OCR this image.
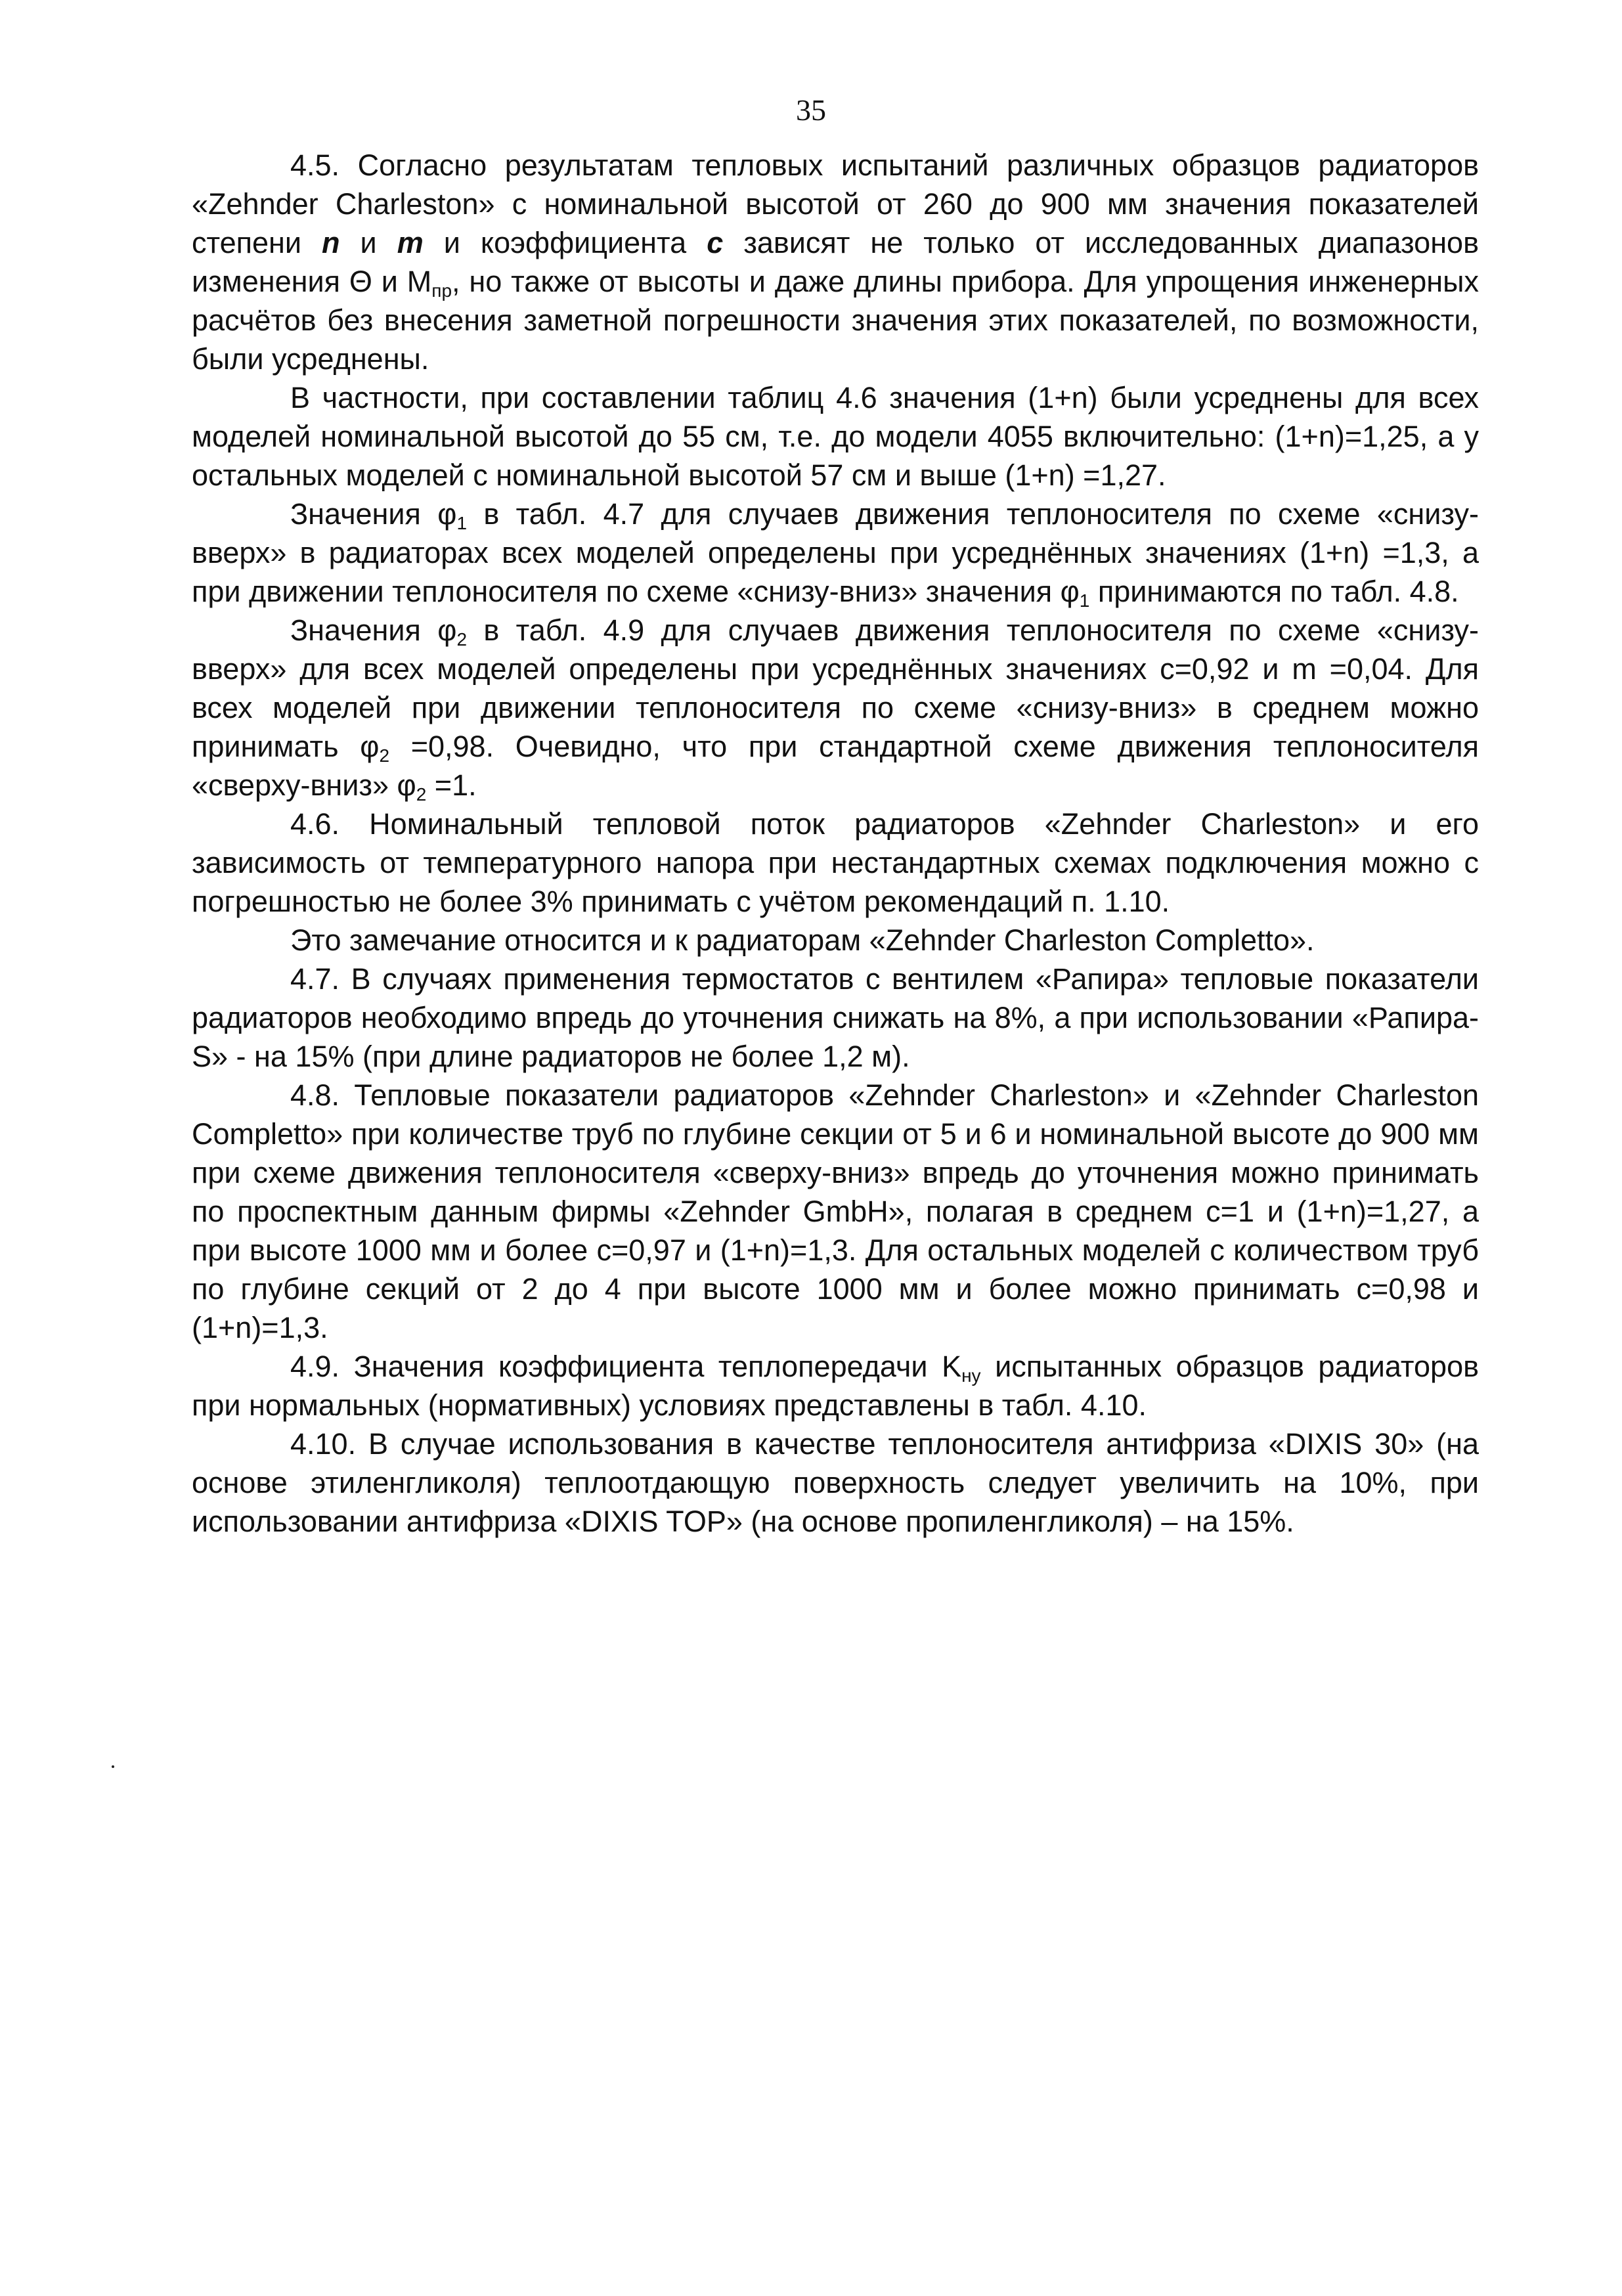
35

4.5. Согласно результатам тепловых испытаний различных образцов радиаторов «Zehnder Charleston» с номинальной высотой от 260 до 900 мм значения показателей степени n и m и коэффициента c зависят не только от исследованных диапазонов изменения Θ и $M_{пр}$, но также от высоты и даже длины прибора. Для упрощения инженерных расчётов без внесения заметной погрешности значения этих показателей, по возможности, были усреднены.

В частности, при составлении таблиц 4.6 значения (1+n) были усреднены для всех моделей номинальной высотой до 55 см, т.е. до модели 4055 включительно: (1+n)=1,25, а у остальных моделей с номинальной высотой 57 см и выше (1+n) =1,27.

Значения $\varphi_1$ в табл. 4.7 для случаев движения теплоносителя по схеме «снизу-вверх» в радиаторах всех моделей определены при усреднённых значениях (1+n) =1,3, а при движении теплоносителя по схеме «снизу-вниз» значения $\varphi_1$ принимаются по табл. 4.8.

Значения $\varphi_2$ в табл. 4.9 для случаев движения теплоносителя по схеме «снизу-вверх» для всех моделей определены при усреднённых значениях c=0,92 и m =0,04. Для всех моделей при движении теплоносителя по схеме «снизу-вниз» в среднем можно принимать $\varphi_2 =0,98$. Очевидно, что при стандартной схеме движения теплоносителя «сверху-вниз» $\varphi_2 =1$.

4.6. Номинальный тепловой поток радиаторов «Zehnder Charleston» и его зависимость от температурного напора при нестандартных схемах подключения можно с погрешностью не более 3% принимать с учётом рекомендаций п. 1.10.

Это замечание относится и к радиаторам «Zehnder Charleston Completto».

4.7. В случаях применения термостатов с вентилем «Рапира» тепловые показатели радиаторов необходимо впредь до уточнения снижать на 8%, а при использовании «Рапира-S» - на 15% (при длине радиаторов не более 1,2 м).

4.8. Тепловые показатели радиаторов «Zehnder Charleston» и «Zehnder Charleston Completto» при количестве труб по глубине секции от 5 и 6 и номинальной высоте до 900 мм при схеме движения теплоносителя «сверху-вниз» впредь до уточнения можно принимать по проспектным данным фирмы «Zehnder GmbH», полагая в среднем c=1 и (1+n)=1,27, а при высоте 1000 мм и более c=0,97 и (1+n)=1,3. Для остальных моделей с количеством труб по глубине секций от 2 до 4 при высоте 1000 мм и более можно принимать c=0,98 и (1+n)=1,3.

4.9. Значения коэффициента теплопередачи $K_{ну}$ испытанных образцов радиаторов при нормальных (нормативных) условиях представлены в табл. 4.10.

4.10. В случае использования в качестве теплоносителя антифриза «DIXIS 30» (на основе этиленгликоля) теплоотдающую поверхность следует увеличить на 10%, при использовании антифриза «DIXIS TOP» (на основе пропиленгликоля) – на 15%.
